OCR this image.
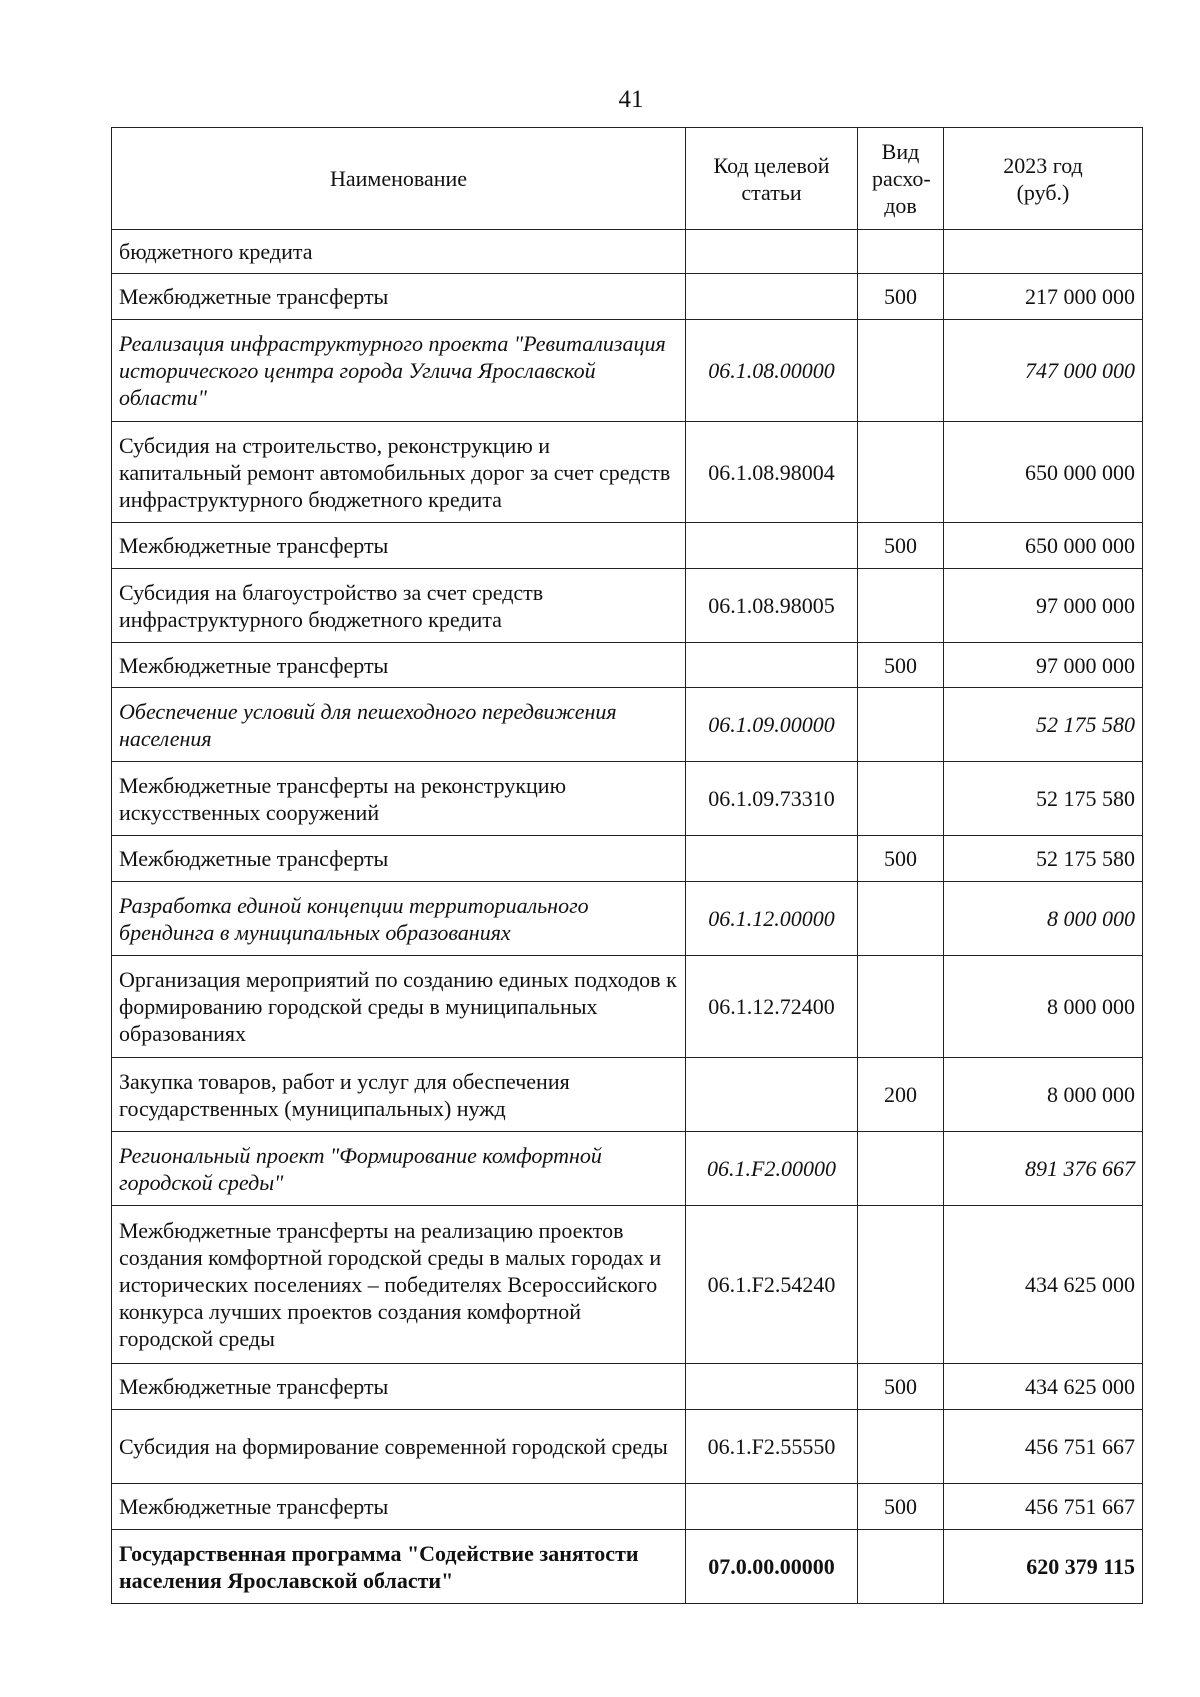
41
Наименование	Код целевой статьи	Вид расхо-дов	2023 год (руб.)
бюджетного кредита			
Межбюджетные трансферты		500	217 000 000
Реализация инфраструктурного проекта "Ревитализация исторического центра города Углича Ярославской области"	06.1.08.00000		747 000 000
Субсидия на строительство, реконструкцию и капитальный ремонт автомобильных дорог за счет средств инфраструктурного бюджетного кредита	06.1.08.98004		650 000 000
Межбюджетные трансферты		500	650 000 000
Субсидия на благоустройство за счет средств инфраструктурного бюджетного кредита	06.1.08.98005		97 000 000
Межбюджетные трансферты		500	97 000 000
Обеспечение условий для пешеходного передвижения населения	06.1.09.00000		52 175 580
Межбюджетные трансферты на реконструкцию искусственных сооружений	06.1.09.73310		52 175 580
Межбюджетные трансферты		500	52 175 580
Разработка единой концепции территориального брендинга в муниципальных образованиях	06.1.12.00000		8 000 000
Организация мероприятий по созданию единых подходов к формированию городской среды в муниципальных образованиях	06.1.12.72400		8 000 000
Закупка товаров, работ и услуг для обеспечения государственных (муниципальных) нужд		200	8 000 000
Региональный проект "Формирование комфортной городской среды"	06.1.F2.00000		891 376 667
Межбюджетные трансферты на реализацию проектов создания комфортной городской среды в малых городах и исторических поселениях – победителях Всероссийского конкурса лучших проектов создания комфортной городской среды	06.1.F2.54240		434 625 000
Межбюджетные трансферты		500	434 625 000
Субсидия на формирование современной городской среды	06.1.F2.55550		456 751 667
Межбюджетные трансферты		500	456 751 667
Государственная программа "Содействие занятости населения Ярославской области"	07.0.00.00000		620 379 115
